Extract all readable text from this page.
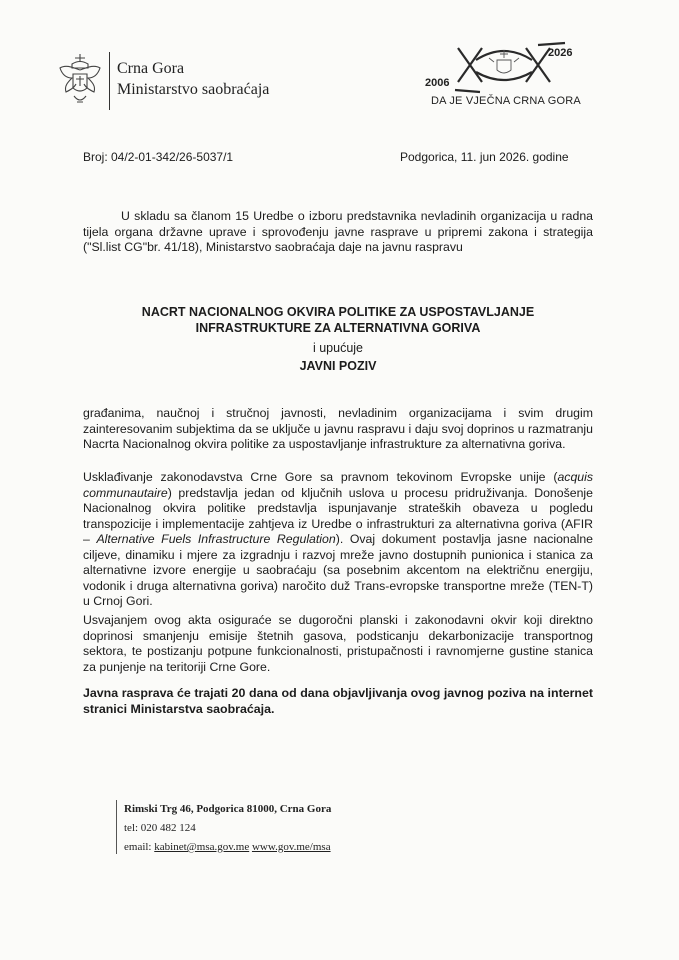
Crna Gora
Ministarstvo saobraćaja	2006
2026
DA JE VJEČNA CRNA GORA
Broj: 04/2-01-342/26-5037/1	Podgorica, 11. jun 2026. godine

U skladu sa članom 15 Uredbe o izboru predstavnika nevladinih organizacija u radna tijela organa državne uprave i sprovođenju javne rasprave u pripremi zakona i strategija ("Sl.list CG"br. 41/18), Ministarstvo saobraćaja daje na javnu raspravu

NACRT NACIONALNOG OKVIRA POLITIKE ZA USPOSTAVLJANJE
INFRASTRUKTURE ZA ALTERNATIVNA GORIVA
i upućuje
JAVNI POZIV

građanima, naučnoj i stručnoj javnosti, nevladinim organizacijama i svim drugim zainteresovanim subjektima da se uključe u javnu raspravu i daju svoj doprinos u razmatranju Nacrta Nacionalnog okvira politike za uspostavljanje infrastrukture za alternativna goriva.

Usklađivanje zakonodavstva Crne Gore sa pravnom tekovinom Evropske unije (acquis communautaire) predstavlja jedan od ključnih uslova u procesu pridruživanja. Donošenje Nacionalnog okvira politike predstavlja ispunjavanje strateških obaveza u pogledu transpozicije i implementacije zahtjeva iz Uredbe o infrastrukturi za alternativna goriva (AFIR – Alternative Fuels Infrastructure Regulation). Ovaj dokument postavlja jasne nacionalne ciljeve, dinamiku i mjere za izgradnju i razvoj mreže javno dostupnih punionica i stanica za alternativne izvore energije u saobraćaju (sa posebnim akcentom na električnu energiju, vodonik i druga alternativna goriva) naročito duž Trans-evropske transportne mreže (TEN-T) u Crnoj Gori.

Usvajanjem ovog akta osiguraće se dugoročni planski i zakonodavni okvir koji direktno doprinosi smanjenju emisije štetnih gasova, podsticanju dekarbonizacije transportnog sektora, te postizanju potpune funkcionalnosti, pristupačnosti i ravnomjerne gustine stanica za punjenje na teritoriji Crne Gore.

Javna rasprava će trajati 20 dana od dana objavljivanja ovog javnog poziva na internet stranici Ministarstva saobraćaja.

Rimski Trg 46, Podgorica 81000, Crna Gora
tel: 020 482 124
email: kabinet@msa.gov.me www.gov.me/msa
